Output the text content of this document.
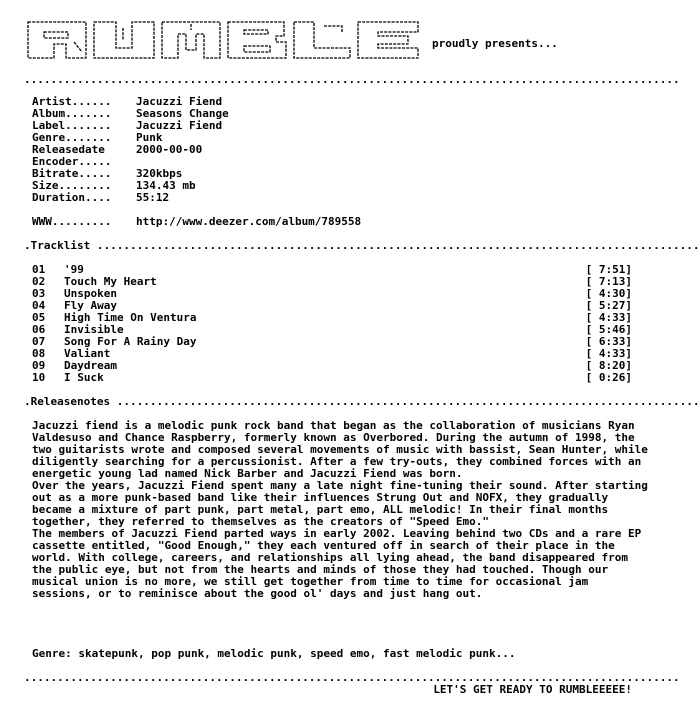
RUMBLE
proudly presents...
...................................................................................................
Artist...... Jacuzzi Fiend
Album....... Seasons Change
Label....... Jacuzzi Fiend
Genre....... Punk
Releasedate	2000-00-00
Encoder.....
Bitrate..... 320kbps
Size........ 134.43 mb
Duration.... 55:12
WWW......... http://www.deezer.com/album/789558
.Tracklist ...........................................................................................
01 '99	[ 7:51]
02 Touch My Heart	[ 7:13]
03 Unspoken	[ 4:30]
04 Fly Away	[ 5:27]
05 High Time On Ventura	[ 4:33]
06 Invisible	[ 5:46]
07 Song For A Rainy Day	[ 6:33]
08 Valiant	[ 4:33]
09 Daydream	[ 8:20]
10 I Suck	[ 0:26]
.Releasenotes ........................................................................................

Jacuzzi fiend is a melodic punk rock band that began as the collaboration of musicians Ryan Valdesuso and Chance Raspberry, formerly known as Overbored. During the autumn of 1998, the two guitarists wrote and composed several movements of music with bassist, Sean Hunter, while diligently searching for a percussionist. After a few try-outs, they combined forces with an energetic young lad named Nick Barber and Jacuzzi Fiend was born.

Over the years, Jacuzzi Fiend spent many a late night fine-tuning their sound. After starting out as a more punk-based band like their influences Strung Out and NOFX, they gradually became a mixture of part punk, part metal, part emo, ALL melodic! In their final months together, they referred to themselves as the creators of "Speed Emo."

The members of Jacuzzi Fiend parted ways in early 2002. Leaving behind two CDs and a rare EP cassette entitled, "Good Enough," they each ventured off in search of their place in the world. With college, careers, and relationships all lying ahead, the band disappeared from the public eye, but not from the hearts and minds of those they had touched. Though our musical union is no more, we still get together from time to time for occasional jam sessions, or to reminisce about the good ol' days and just hang out.

Genre: skatepunk, pop punk, melodic punk, speed emo, fast melodic punk...
...................................................................................................
LET'S GET READY TO RUMBLEEEEE!
